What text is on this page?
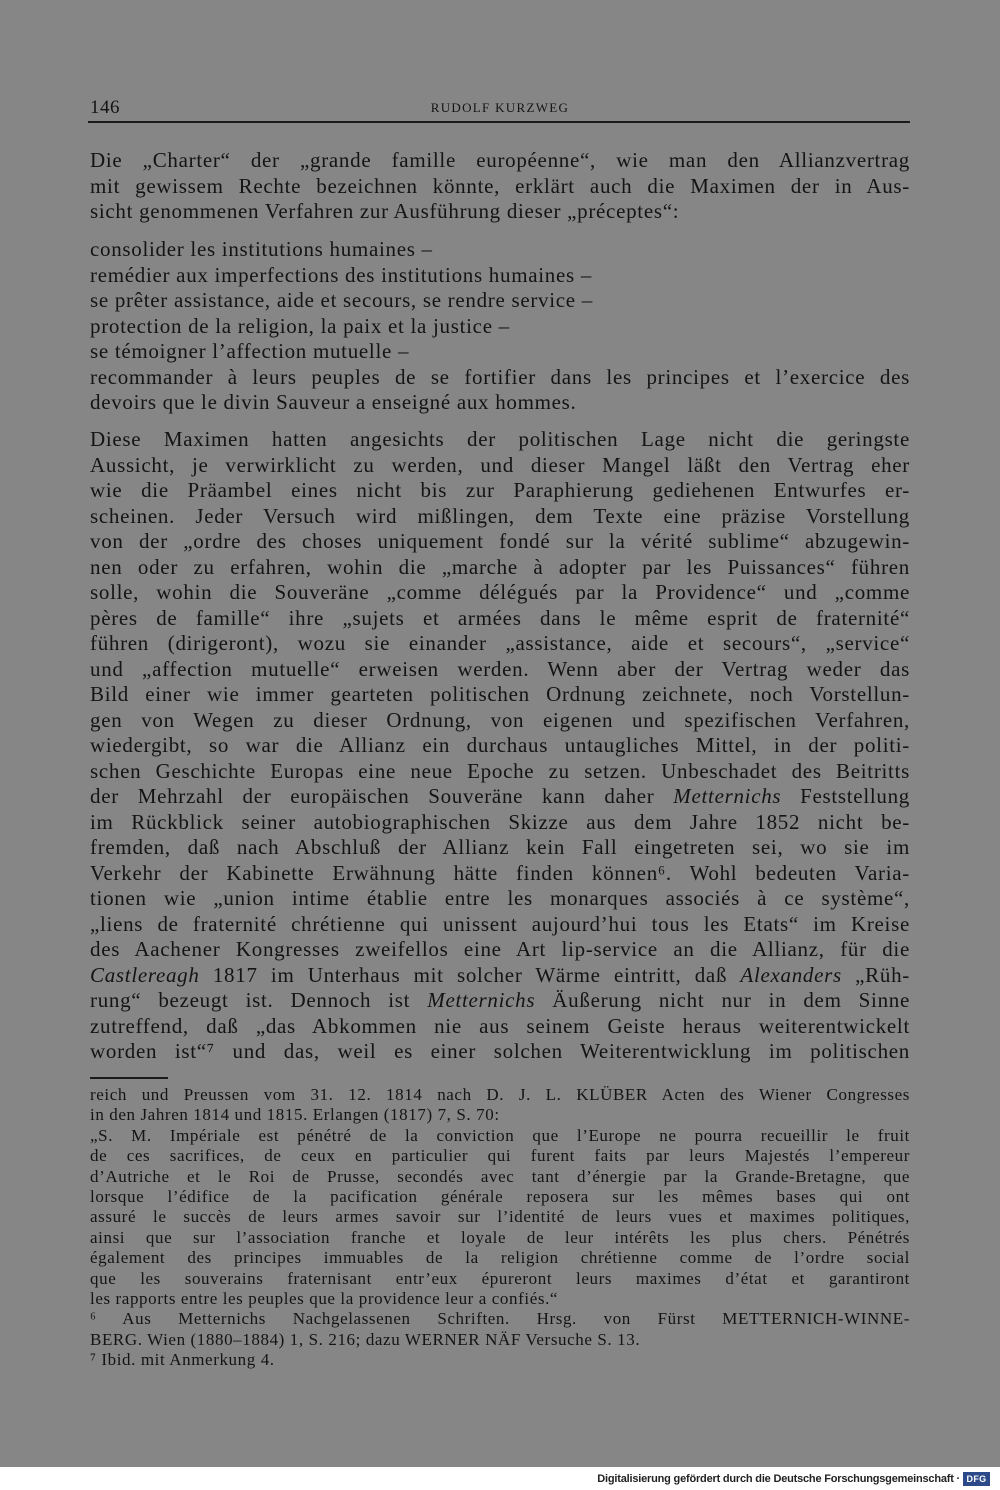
146	RUDOLF KURZWEG
Die „Charter“ der „grande famille européenne“, wie man den Allianzvertrag
mit gewissem Rechte bezeichnen könnte, erklärt auch die Maximen der in Aus-
sicht genommenen Verfahren zur Ausführung dieser „préceptes“:
consolider les institutions humaines –
remédier aux imperfections des institutions humaines –
se prêter assistance, aide et secours, se rendre service –
protection de la religion, la paix et la justice –
se témoigner l’affection mutuelle –
recommander à leurs peuples de se fortifier dans les principes et l’exercice des
devoirs que le divin Sauveur a enseigné aux hommes.
Diese Maximen hatten angesichts der politischen Lage nicht die geringste
Aussicht, je verwirklicht zu werden, und dieser Mangel läßt den Vertrag eher
wie die Präambel eines nicht bis zur Paraphierung gediehenen Entwurfes er-
scheinen. Jeder Versuch wird mißlingen, dem Texte eine präzise Vorstellung
von der „ordre des choses uniquement fondé sur la vérité sublime“ abzugewin-
nen oder zu erfahren, wohin die „marche à adopter par les Puissances“ führen
solle, wohin die Souveräne „comme délégués par la Providence“ und „comme
pères de famille“ ihre „sujets et armées dans le même esprit de fraternité“
führen (dirigeront), wozu sie einander „assistance, aide et secours“, „service“
und „affection mutuelle“ erweisen werden. Wenn aber der Vertrag weder das
Bild einer wie immer gearteten politischen Ordnung zeichnete, noch Vorstellun-
gen von Wegen zu dieser Ordnung, von eigenen und spezifischen Verfahren,
wiedergibt, so war die Allianz ein durchaus untaugliches Mittel, in der politi-
schen Geschichte Europas eine neue Epoche zu setzen. Unbeschadet des Beitritts
der Mehrzahl der europäischen Souveräne kann daher Metternichs Feststellung
im Rückblick seiner autobiographischen Skizze aus dem Jahre 1852 nicht be-
fremden, daß nach Abschluß der Allianz kein Fall eingetreten sei, wo sie im
Verkehr der Kabinette Erwähnung hätte finden können⁶. Wohl bedeuten Varia-
tionen wie „union intime établie entre les monarques associés à ce système“,
„liens de fraternité chrétienne qui unissent aujourd’hui tous les Etats“ im Kreise
des Aachener Kongresses zweifellos eine Art lip-service an die Allianz, für die
Castlereagh 1817 im Unterhaus mit solcher Wärme eintritt, daß Alexanders „Rüh-
rung“ bezeugt ist. Dennoch ist Metternichs Äußerung nicht nur in dem Sinne
zutreffend, daß „das Abkommen nie aus seinem Geiste heraus weiterentwickelt
worden ist“⁷ und das, weil es einer solchen Weiterentwicklung im politischen
reich und Preussen vom 31. 12. 1814 nach D. J. L. KLÜBER Acten des Wiener Congresses
in den Jahren 1814 und 1815. Erlangen (1817) 7, S. 70:
„S. M. Impériale est pénétré de la conviction que l’Europe ne pourra recueillir le fruit
de ces sacrifices, de ceux en particulier qui furent faits par leurs Majestés l’empereur
d’Autriche et le Roi de Prusse, secondés avec tant d’énergie par la Grande-Bretagne, que
lorsque l’édifice de la pacification générale reposera sur les mêmes bases qui ont
assuré le succès de leurs armes savoir sur l’identité de leurs vues et maximes politiques,
ainsi que sur l’association franche et loyale de leur intérêts les plus chers. Pénétrés
également des principes immuables de la religion chrétienne comme de l’ordre social
que les souverains fraternisant entr’eux épureront leurs maximes d’état et garantiront
les rapports entre les peuples que la providence leur a confiés.“
⁶ Aus Metternichs Nachgelassenen Schriften. Hrsg. von Fürst METTERNICH-WINNE-
BERG. Wien (1880–1884) 1, S. 216; dazu WERNER NÄF Versuche S. 13.
⁷ Ibid. mit Anmerkung 4.
Digitalisierung gefördert durch die Deutsche Forschungsgemeinschaft · DFG
